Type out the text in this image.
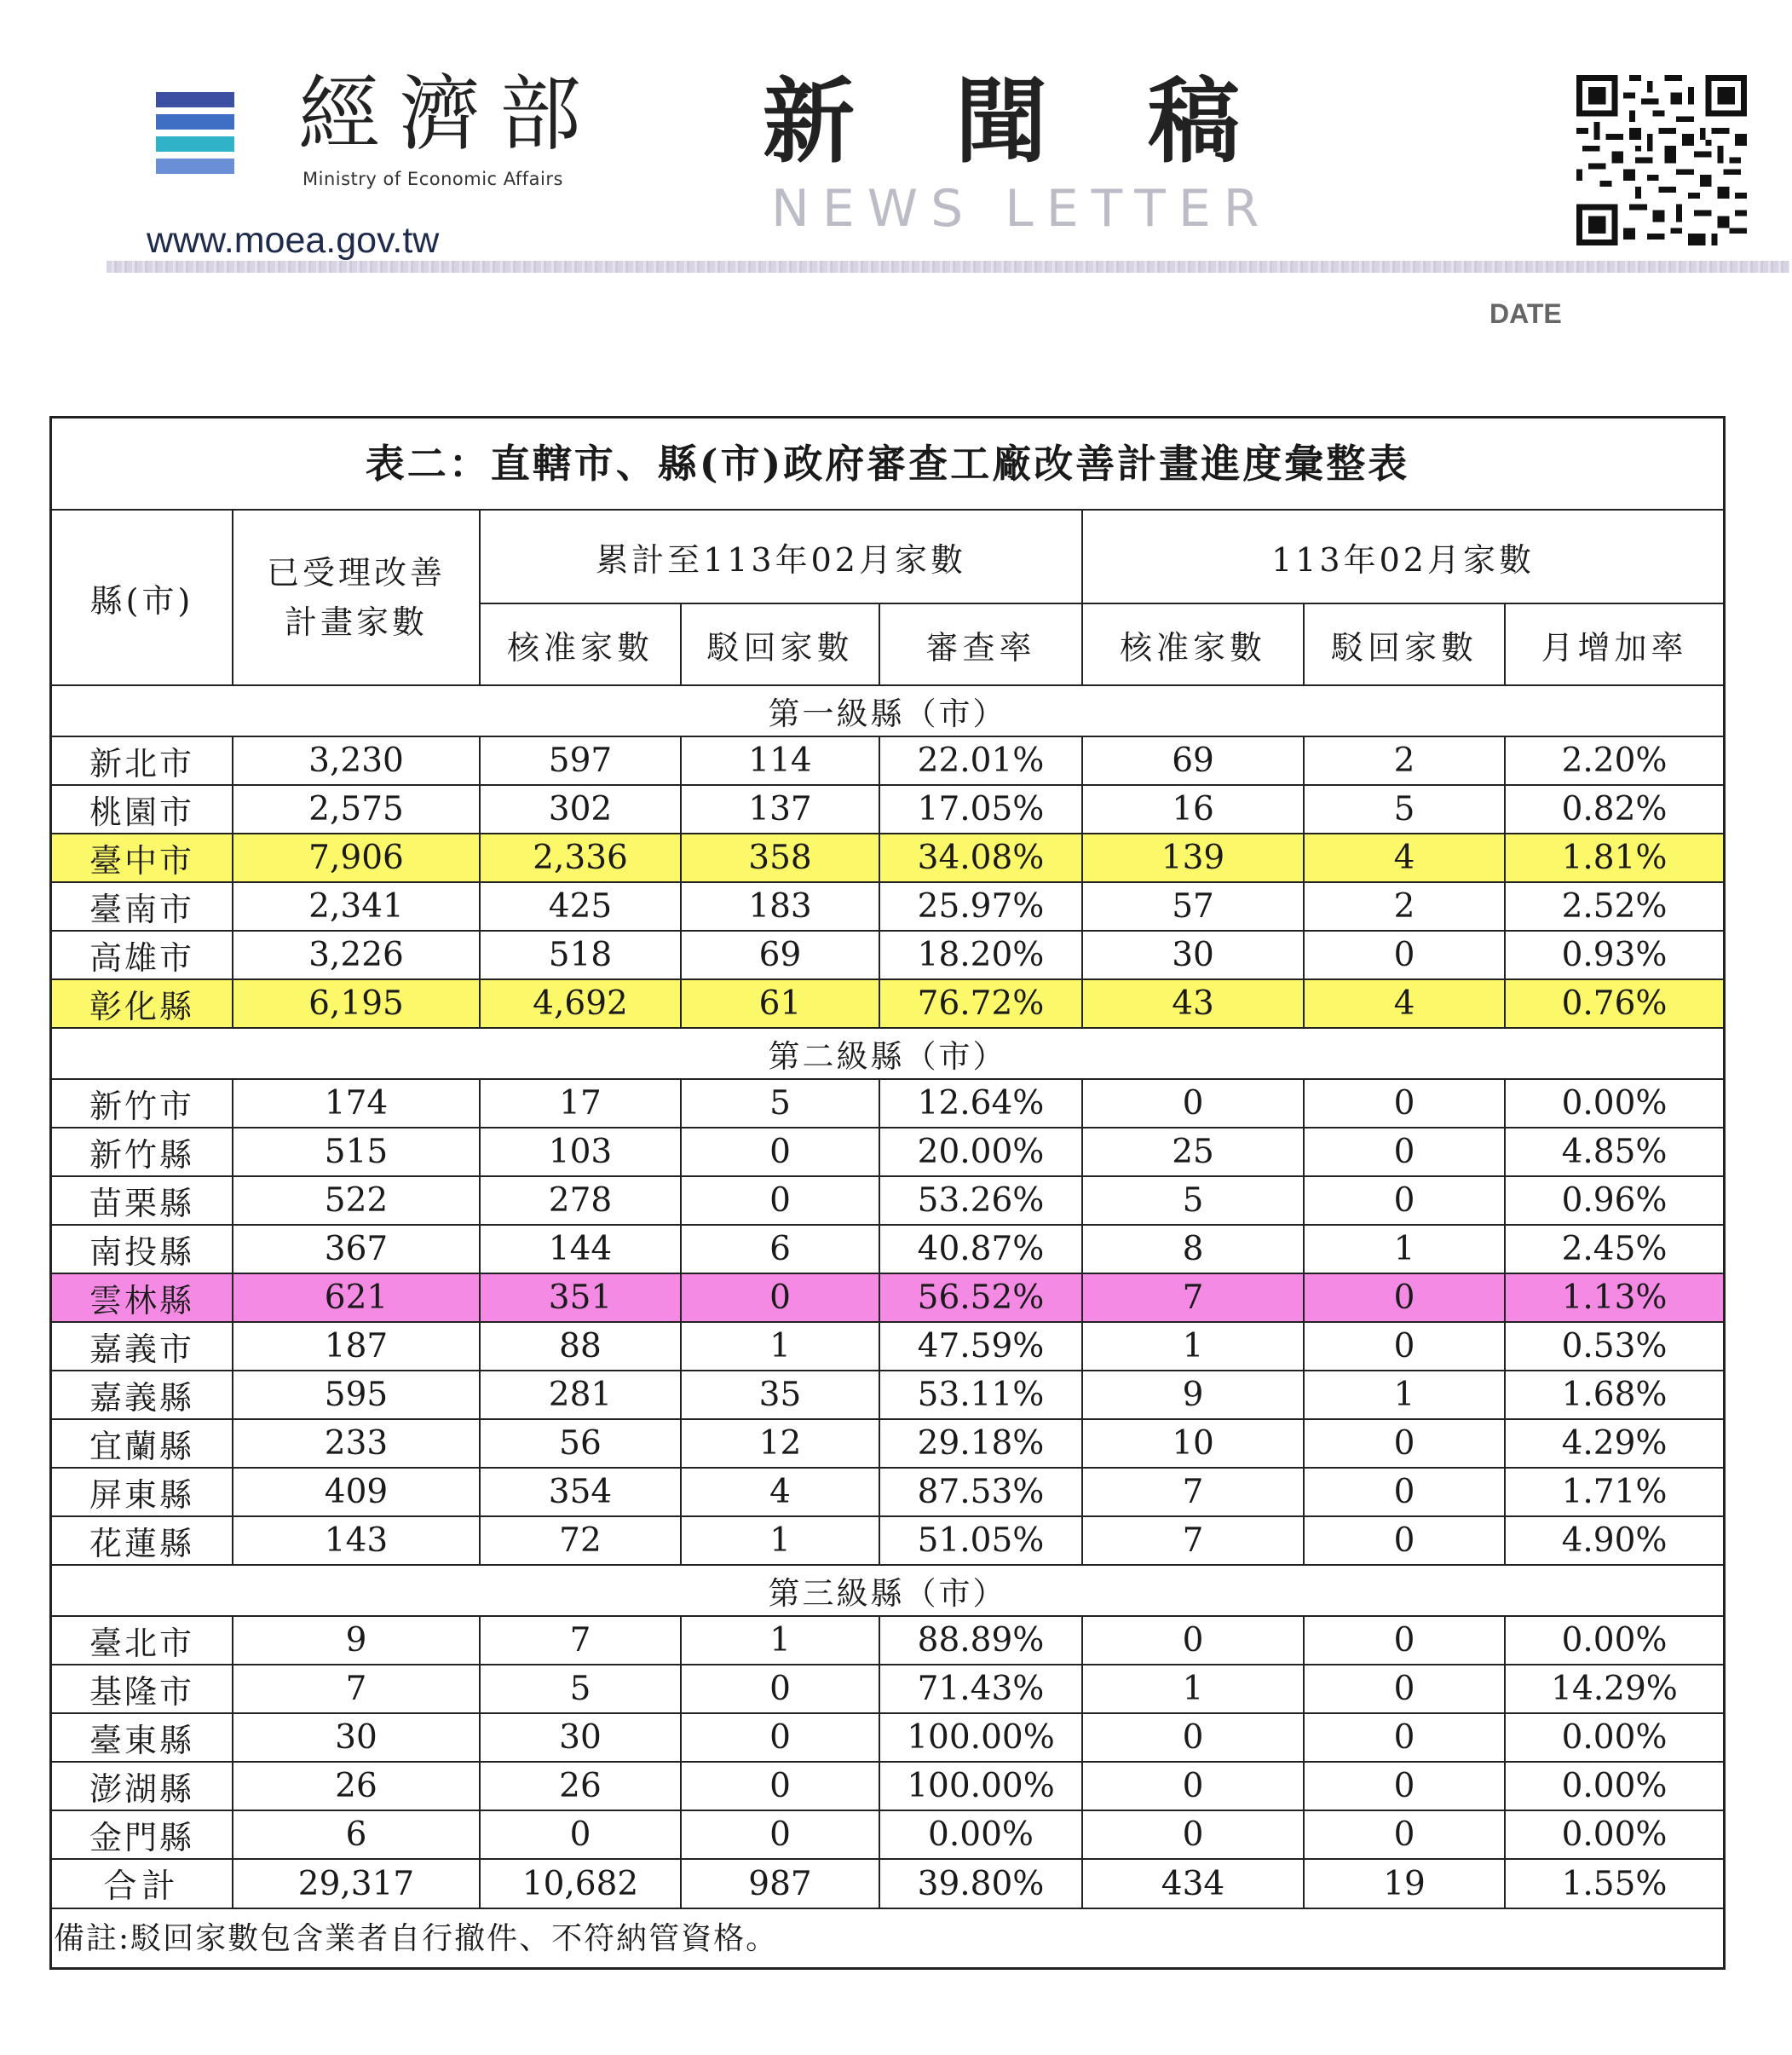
經濟部
Ministry of Economic Affairs
www.moea.gov.tw
新聞稿
NEWS LETTER
DATE
表二：直轄市、縣(市)政府審查工廠改善計畫進度彙整表
縣(市)	已受理改善計畫家數	累計至113年02月家數			113年02月家數		
		核准家數	駁回家數	審查率	核准家數	駁回家數	月增加率
第一級縣（市）							
新北市	3,230	597	114	22.01%	69	2	2.20%
桃園市	2,575	302	137	17.05%	16	5	0.82%
臺中市	7,906	2,336	358	34.08%	139	4	1.81%
臺南市	2,341	425	183	25.97%	57	2	2.52%
高雄市	3,226	518	69	18.20%	30	0	0.93%
彰化縣	6,195	4,692	61	76.72%	43	4	0.76%
第二級縣（市）							
新竹市	174	17	5	12.64%	0	0	0.00%
新竹縣	515	103	0	20.00%	25	0	4.85%
苗栗縣	522	278	0	53.26%	5	0	0.96%
南投縣	367	144	6	40.87%	8	1	2.45%
雲林縣	621	351	0	56.52%	7	0	1.13%
嘉義市	187	88	1	47.59%	1	0	0.53%
嘉義縣	595	281	35	53.11%	9	1	1.68%
宜蘭縣	233	56	12	29.18%	10	0	4.29%
屏東縣	409	354	4	87.53%	7	0	1.71%
花蓮縣	143	72	1	51.05%	7	0	4.90%
第三級縣（市）							
臺北市	9	7	1	88.89%	0	0	0.00%
基隆市	7	5	0	71.43%	1	0	14.29%
臺東縣	30	30	0	100.00%	0	0	0.00%
澎湖縣	26	26	0	100.00%	0	0	0.00%
金門縣	6	0	0	0.00%	0	0	0.00%
合計	29,317	10,682	987	39.80%	434	19	1.55%
備註:駁回家數包含業者自行撤件、不符納管資格。
